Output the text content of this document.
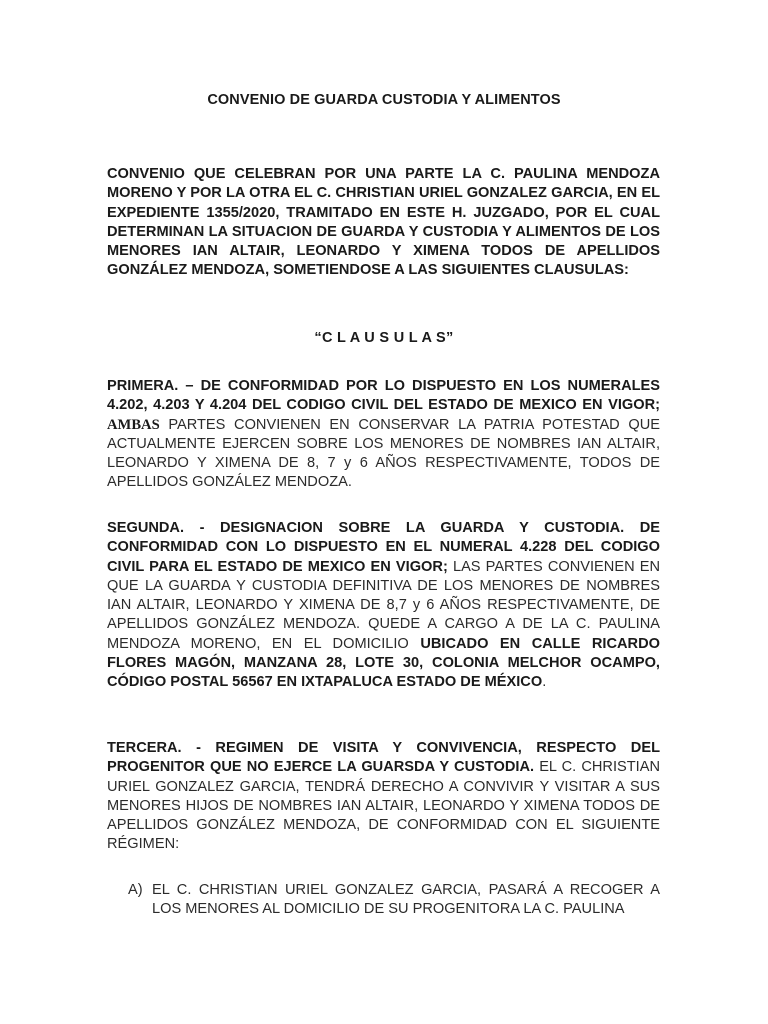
CONVENIO DE GUARDA CUSTODIA Y ALIMENTOS
CONVENIO QUE CELEBRAN POR UNA PARTE LA C. PAULINA MENDOZA MORENO Y POR LA OTRA EL C. CHRISTIAN URIEL GONZALEZ GARCIA, EN EL EXPEDIENTE 1355/2020, TRAMITADO EN ESTE H. JUZGADO, POR EL CUAL DETERMINAN LA SITUACION DE GUARDA Y CUSTODIA Y ALIMENTOS DE LOS MENORES IAN ALTAIR, LEONARDO Y XIMENA TODOS DE APELLIDOS GONZÁLEZ MENDOZA, SOMETIENDOSE A LAS SIGUIENTES CLAUSULAS:
“C L A U S U L A S”
PRIMERA. – DE CONFORMIDAD POR LO DISPUESTO EN LOS NUMERALES 4.202, 4.203 Y 4.204 DEL CODIGO CIVIL DEL ESTADO DE MEXICO EN VIGOR; AMBAS PARTES CONVIENEN EN CONSERVAR LA PATRIA POTESTAD QUE ACTUALMENTE EJERCEN SOBRE LOS MENORES DE NOMBRES IAN ALTAIR, LEONARDO Y XIMENA DE 8, 7 y 6 AÑOS RESPECTIVAMENTE, TODOS DE APELLIDOS GONZÁLEZ MENDOZA.
SEGUNDA. - DESIGNACION SOBRE LA GUARDA Y CUSTODIA. DE CONFORMIDAD CON LO DISPUESTO EN EL NUMERAL 4.228 DEL CODIGO CIVIL PARA EL ESTADO DE MEXICO EN VIGOR; LAS PARTES CONVIENEN EN QUE LA GUARDA Y CUSTODIA DEFINITIVA DE LOS MENORES DE NOMBRES IAN ALTAIR, LEONARDO Y XIMENA DE 8,7 y 6 AÑOS RESPECTIVAMENTE, DE APELLIDOS GONZÁLEZ MENDOZA. QUEDE A CARGO A DE LA C. PAULINA MENDOZA MORENO, EN EL DOMICILIO UBICADO EN CALLE RICARDO FLORES MAGÓN, MANZANA 28, LOTE 30, COLONIA MELCHOR OCAMPO, CÓDIGO POSTAL 56567 EN IXTAPALUCA ESTADO DE MÉXICO.
TERCERA. - REGIMEN DE VISITA Y CONVIVENCIA, RESPECTO DEL PROGENITOR QUE NO EJERCE LA GUARSDA Y CUSTODIA. EL C. CHRISTIAN URIEL GONZALEZ GARCIA, TENDRÁ DERECHO A CONVIVIR Y VISITAR A SUS MENORES HIJOS DE NOMBRES IAN ALTAIR, LEONARDO Y XIMENA TODOS DE APELLIDOS GONZÁLEZ MENDOZA, DE CONFORMIDAD CON EL SIGUIENTE RÉGIMEN:
A) EL C. CHRISTIAN URIEL GONZALEZ GARCIA, PASARÁ A RECOGER A LOS MENORES AL DOMICILIO DE SU PROGENITORA LA C. PAULINA
